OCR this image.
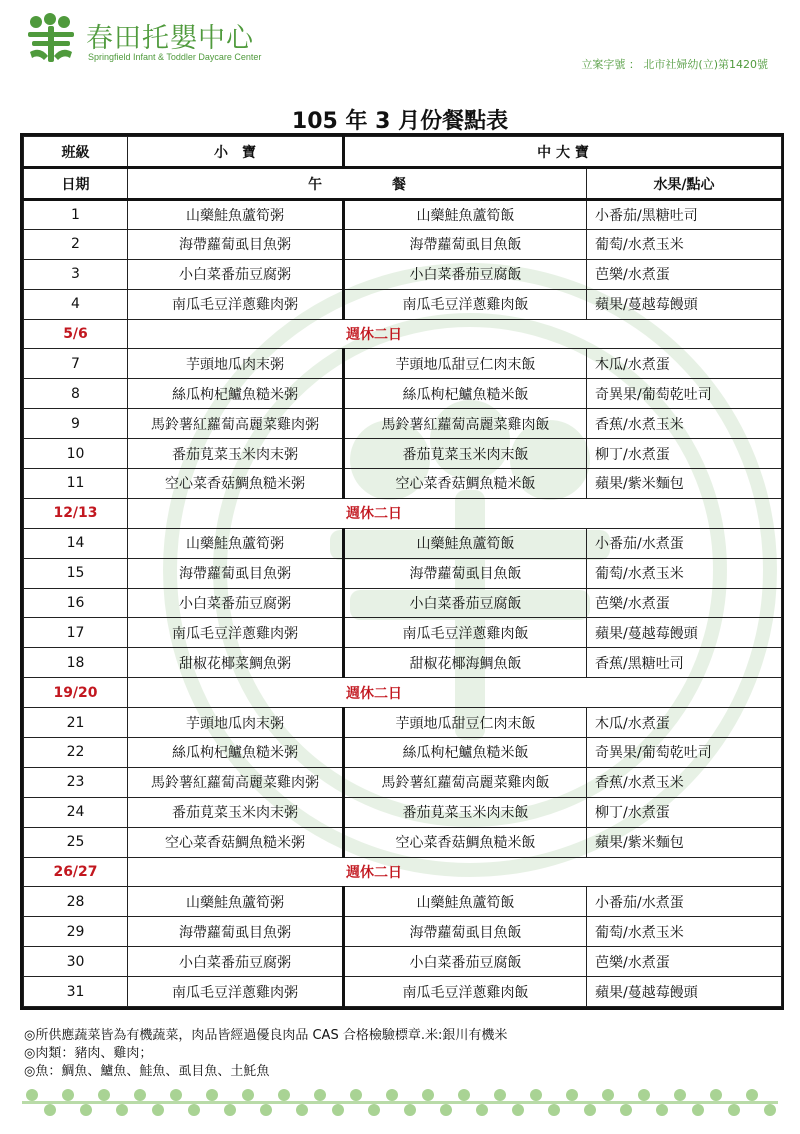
春田托嬰中心
Springfield Infant & Toddler Daycare Center
立案字號 ： 北市社婦幼(立)第1420號
105 年 3 月份餐點表
班級	小　寶	中 大 寶	
日期	午　　　　　餐		水果/點心
1	山藥鮭魚蘆筍粥	山藥鮭魚蘆筍飯	小番茄/黑糖吐司
2	海帶蘿蔔虱目魚粥	海帶蘿蔔虱目魚飯	葡萄/水煮玉米
3	小白菜番茄豆腐粥	小白菜番茄豆腐飯	芭樂/水煮蛋
4	南瓜毛豆洋蔥雞肉粥	南瓜毛豆洋蔥雞肉飯	蘋果/蔓越莓饅頭
5/6	週休二日		
7	芋頭地瓜肉末粥	芋頭地瓜甜豆仁肉末飯	木瓜/水煮蛋
8	絲瓜枸杞鱸魚糙米粥	絲瓜枸杞鱸魚糙米飯	奇異果/葡萄乾吐司
9	馬鈴薯紅蘿蔔高麗菜雞肉粥	馬鈴薯紅蘿蔔高麗菜雞肉飯	香蕉/水煮玉米
10	番茄莧菜玉米肉末粥	番茄莧菜玉米肉末飯	柳丁/水煮蛋
11	空心菜香菇鯛魚糙米粥	空心菜香菇鯛魚糙米飯	蘋果/紫米麵包
12/13	週休二日		
14	山藥鮭魚蘆筍粥	山藥鮭魚蘆筍飯	小番茄/水煮蛋
15	海帶蘿蔔虱目魚粥	海帶蘿蔔虱目魚飯	葡萄/水煮玉米
16	小白菜番茄豆腐粥	小白菜番茄豆腐飯	芭樂/水煮蛋
17	南瓜毛豆洋蔥雞肉粥	南瓜毛豆洋蔥雞肉飯	蘋果/蔓越莓饅頭
18	甜椒花椰菜鯛魚粥	甜椒花椰海鯛魚飯	香蕉/黑糖吐司
19/20	週休二日		
21	芋頭地瓜肉末粥	芋頭地瓜甜豆仁肉末飯	木瓜/水煮蛋
22	絲瓜枸杞鱸魚糙米粥	絲瓜枸杞鱸魚糙米飯	奇異果/葡萄乾吐司
23	馬鈴薯紅蘿蔔高麗菜雞肉粥	馬鈴薯紅蘿蔔高麗菜雞肉飯	香蕉/水煮玉米
24	番茄莧菜玉米肉末粥	番茄莧菜玉米肉末飯	柳丁/水煮蛋
25	空心菜香菇鯛魚糙米粥	空心菜香菇鯛魚糙米飯	蘋果/紫米麵包
26/27	週休二日		
28	山藥鮭魚蘆筍粥	山藥鮭魚蘆筍飯	小番茄/水煮蛋
29	海帶蘿蔔虱目魚粥	海帶蘿蔔虱目魚飯	葡萄/水煮玉米
30	小白菜番茄豆腐粥	小白菜番茄豆腐飯	芭樂/水煮蛋
31	南瓜毛豆洋蔥雞肉粥	南瓜毛豆洋蔥雞肉飯	蘋果/蔓越莓饅頭
◎所供應蔬菜皆為有機蔬菜，肉品皆經過優良肉品 CAS 合格檢驗標章.米:銀川有機米
◎肉類：豬肉、雞肉；
◎魚：鯛魚、鱸魚、鮭魚、虱目魚、土魠魚
